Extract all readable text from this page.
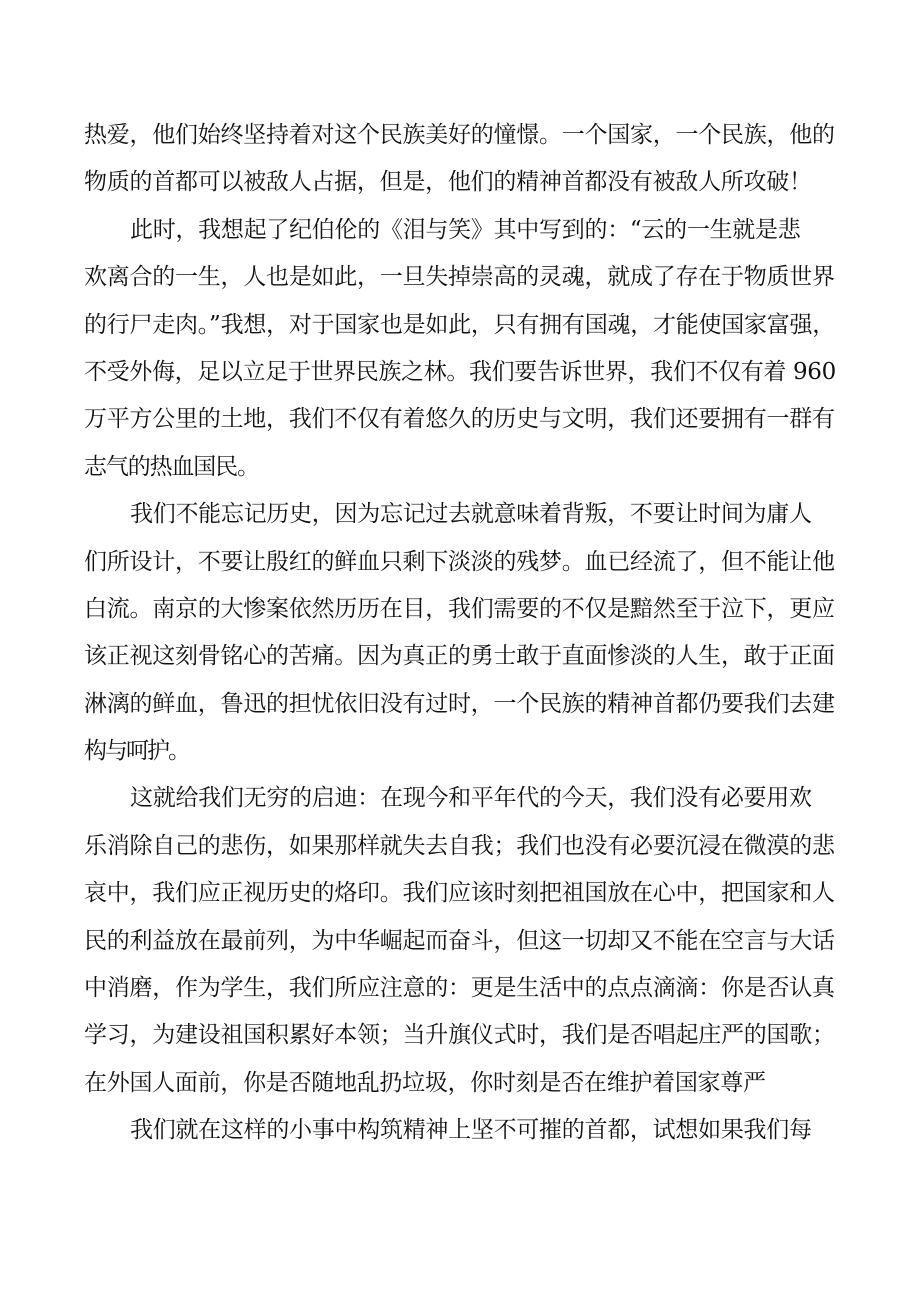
热爱，他们始终坚持着对这个民族美好的憧憬。一个国家，一个民族，他的
物质的首都可以被敌人占据，但是，他们的精神首都没有被敌人所攻破！
此时，我想起了纪伯伦的《泪与笑》其中写到的：“云的一生就是悲
欢离合的一生，人也是如此，一旦失掉崇高的灵魂，就成了存在于物质世界
的行尸走肉。”我想，对于国家也是如此，只有拥有国魂，才能使国家富强，
不受外侮，足以立足于世界民族之林。我们要告诉世界，我们不仅有着 960
万平方公里的土地，我们不仅有着悠久的历史与文明，我们还要拥有一群有
志气的热血国民。
我们不能忘记历史，因为忘记过去就意味着背叛，不要让时间为庸人
们所设计，不要让殷红的鲜血只剩下淡淡的残梦。血已经流了，但不能让他
白流。南京的大惨案依然历历在目，我们需要的不仅是黯然至于泣下，更应
该正视这刻骨铭心的苦痛。因为真正的勇士敢于直面惨淡的人生，敢于正面
淋漓的鲜血，鲁迅的担忧依旧没有过时，一个民族的精神首都仍要我们去建
构与呵护。
这就给我们无穷的启迪：在现今和平年代的今天，我们没有必要用欢
乐消除自己的悲伤，如果那样就失去自我；我们也没有必要沉浸在微漠的悲
哀中，我们应正视历史的烙印。我们应该时刻把祖国放在心中，把国家和人
民的利益放在最前列，为中华崛起而奋斗，但这一切却又不能在空言与大话
中消磨，作为学生，我们所应注意的：更是生活中的点点滴滴：你是否认真
学习，为建设祖国积累好本领；当升旗仪式时，我们是否唱起庄严的国歌；
在外国人面前，你是否随地乱扔垃圾，你时刻是否在维护着国家尊严
我们就在这样的小事中构筑精神上坚不可摧的首都，试想如果我们每
